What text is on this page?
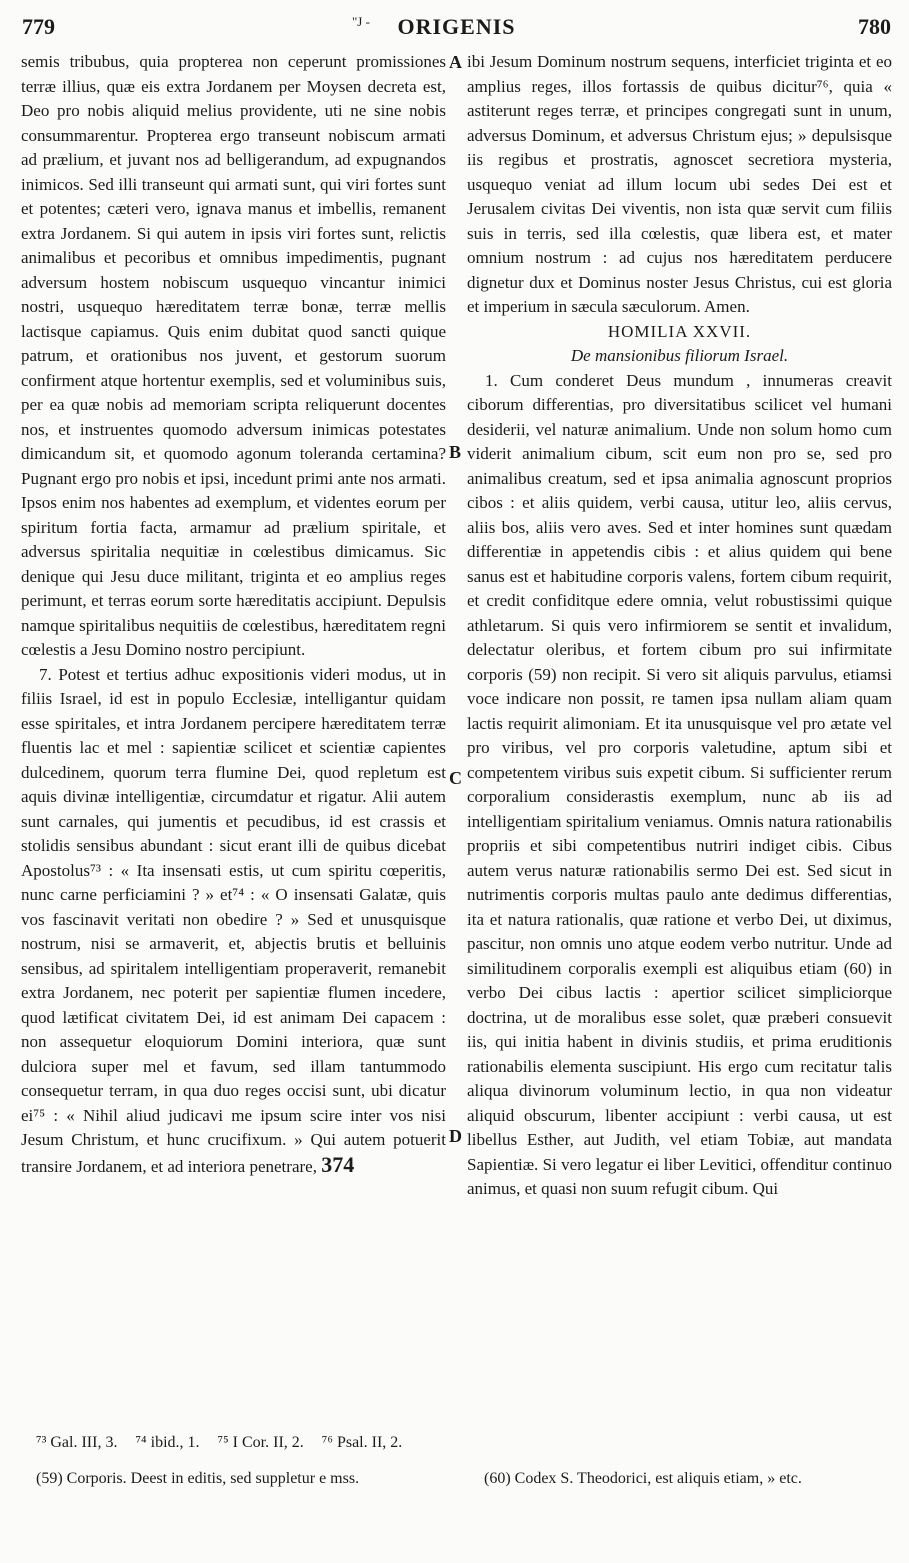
779	ORIGENIS
"J -	780
A
B
C
D

semis tribubus, quia propterea non ceperunt promissiones terræ illius, quæ eis extra Jordanem per Moysen decreta est, Deo pro nobis aliquid melius providente, uti ne sine nobis consummarentur. Propterea ergo transeunt nobiscum armati ad prælium, et juvant nos ad belligerandum, ad expugnandos inimicos. Sed illi transeunt qui armati sunt, qui viri fortes sunt et potentes; cæteri vero, ignava manus et imbellis, remanent extra Jordanem. Si qui autem in ipsis viri fortes sunt, relictis animalibus et pecoribus et omnibus impedimentis, pugnant adversum hostem nobiscum usquequo vincantur inimici nostri, usquequo hæreditatem terræ bonæ, terræ mellis lactisque capiamus. Quis enim dubitat quod sancti quique patrum, et orationibus nos juvent, et gestorum suorum confirment atque hortentur exemplis, sed et voluminibus suis, per ea quæ nobis ad memoriam scripta reliquerunt docentes nos, et instruentes quomodo adversum inimicas potestates dimicandum sit, et quomodo agonum toleranda certamina? Pugnant ergo pro nobis et ipsi, incedunt primi ante nos armati. Ipsos enim nos habentes ad exemplum, et videntes eorum per spiritum fortia facta, armamur ad prælium spiritale, et adversus spiritalia nequitiæ in cœlestibus dimicamus. Sic denique qui Jesu duce militant, triginta et eo amplius reges perimunt, et terras eorum sorte hæreditatis accipiunt. Depulsis namque spiritalibus nequitiis de cœlestibus, hæreditatem regni cœlestis a Jesu Domino nostro percipiunt.

7. Potest et tertius adhuc expositionis videri modus, ut in filiis Israel, id est in populo Ecclesiæ, intelligantur quidam esse spiritales, et intra Jordanem percipere hæreditatem terræ fluentis lac et mel : sapientiæ scilicet et scientiæ capientes dulcedinem, quorum terra flumine Dei, quod repletum est aquis divinæ intelligentiæ, circumdatur et rigatur. Alii autem sunt carnales, qui jumentis et pecudibus, id est crassis et stolidis sensibus abundant : sicut erant illi de quibus dicebat Apostolus⁷³ : « Ita insensati estis, ut cum spiritu cœperitis, nunc carne perficiamini ? » et⁷⁴ : « O insensati Galatæ, quis vos fascinavit veritati non obedire ? » Sed et unusquisque nostrum, nisi se armaverit, et, abjectis brutis et belluinis sensibus, ad spiritalem intelligentiam properaverit, remanebit extra Jordanem, nec poterit per sapientiæ flumen incedere, quod lætificat civitatem Dei, id est animam Dei capacem : non assequetur eloquiorum Domini interiora, quæ sunt dulciora super mel et favum, sed illam tantummodo consequetur terram, in qua duo reges occisi sunt, ubi dicatur ei⁷⁵ : « Nihil aliud judicavi me ipsum scire inter vos nisi Jesum Christum, et hunc crucifixum. » Qui autem potuerit transire Jordanem, et ad interiora penetrare, 374

ibi Jesum Dominum nostrum sequens, interficiet triginta et eo amplius reges, illos fortassis de quibus dicitur⁷⁶, quia « astiterunt reges terræ, et principes congregati sunt in unum, adversus Dominum, et adversus Christum ejus; » depulsisque iis regibus et prostratis, agnoscet secretiora mysteria, usquequo veniat ad illum locum ubi sedes Dei est et Jerusalem civitas Dei viventis, non ista quæ servit cum filiis suis in terris, sed illa cœlestis, quæ libera est, et mater omnium nostrum : ad cujus nos hæreditatem perducere dignetur dux et Dominus noster Jesus Christus, cui est gloria et imperium in sæcula sæculorum. Amen.

HOMILIA XXVII.

De mansionibus filiorum Israel.

1. Cum conderet Deus mundum , innumeras creavit ciborum differentias, pro diversitatibus scilicet vel humani desiderii, vel naturæ animalium. Unde non solum homo cum viderit animalium cibum, scit eum non pro se, sed pro animalibus creatum, sed et ipsa animalia agnoscunt proprios cibos : et aliis quidem, verbi causa, utitur leo, aliis cervus, aliis bos, aliis vero aves. Sed et inter homines sunt quædam differentiæ in appetendis cibis : et alius quidem qui bene sanus est et habitudine corporis valens, fortem cibum requirit, et credit confiditque edere omnia, velut robustissimi quique athletarum. Si quis vero infirmiorem se sentit et invalidum, delectatur oleribus, et fortem cibum pro sui infirmitate corporis (59) non recipit. Si vero sit aliquis parvulus, etiamsi voce indicare non possit, re tamen ipsa nullam aliam quam lactis requirit alimoniam. Et ita unusquisque vel pro ætate vel pro viribus, vel pro corporis valetudine, aptum sibi et competentem viribus suis expetit cibum. Si sufficienter rerum corporalium considerastis exemplum, nunc ab iis ad intelligentiam spiritalium veniamus. Omnis natura rationabilis propriis et sibi competentibus nutriri indiget cibis. Cibus autem verus naturæ rationabilis sermo Dei est. Sed sicut in nutrimentis corporis multas paulo ante dedimus differentias, ita et natura rationalis, quæ ratione et verbo Dei, ut diximus, pascitur, non omnis uno atque eodem verbo nutritur. Unde ad similitudinem corporalis exempli est aliquibus etiam (60) in verbo Dei cibus lactis : apertior scilicet simpliciorque doctrina, ut de moralibus esse solet, quæ præberi consuevit iis, qui initia habent in divinis studiis, et prima eruditionis rationabilis elementa suscipiunt. His ergo cum recitatur talis aliqua divinorum voluminum lectio, in qua non videatur aliquid obscurum, libenter accipiunt : verbi causa, ut est libellus Esther, aut Judith, vel etiam Tobiæ, aut mandata Sapientiæ. Si vero legatur ei liber Levitici, offenditur continuo animus, et quasi non suum refugit cibum. Qui

⁷³ Gal. III, 3. ⁷⁴ ibid., 1. ⁷⁵ I Cor. II, 2. ⁷⁶ Psal. II, 2.

(59) Corporis. Deest in editis, sed suppletur e mss.	(60) Codex S. Theodorici, est aliquis etiam, » etc.
